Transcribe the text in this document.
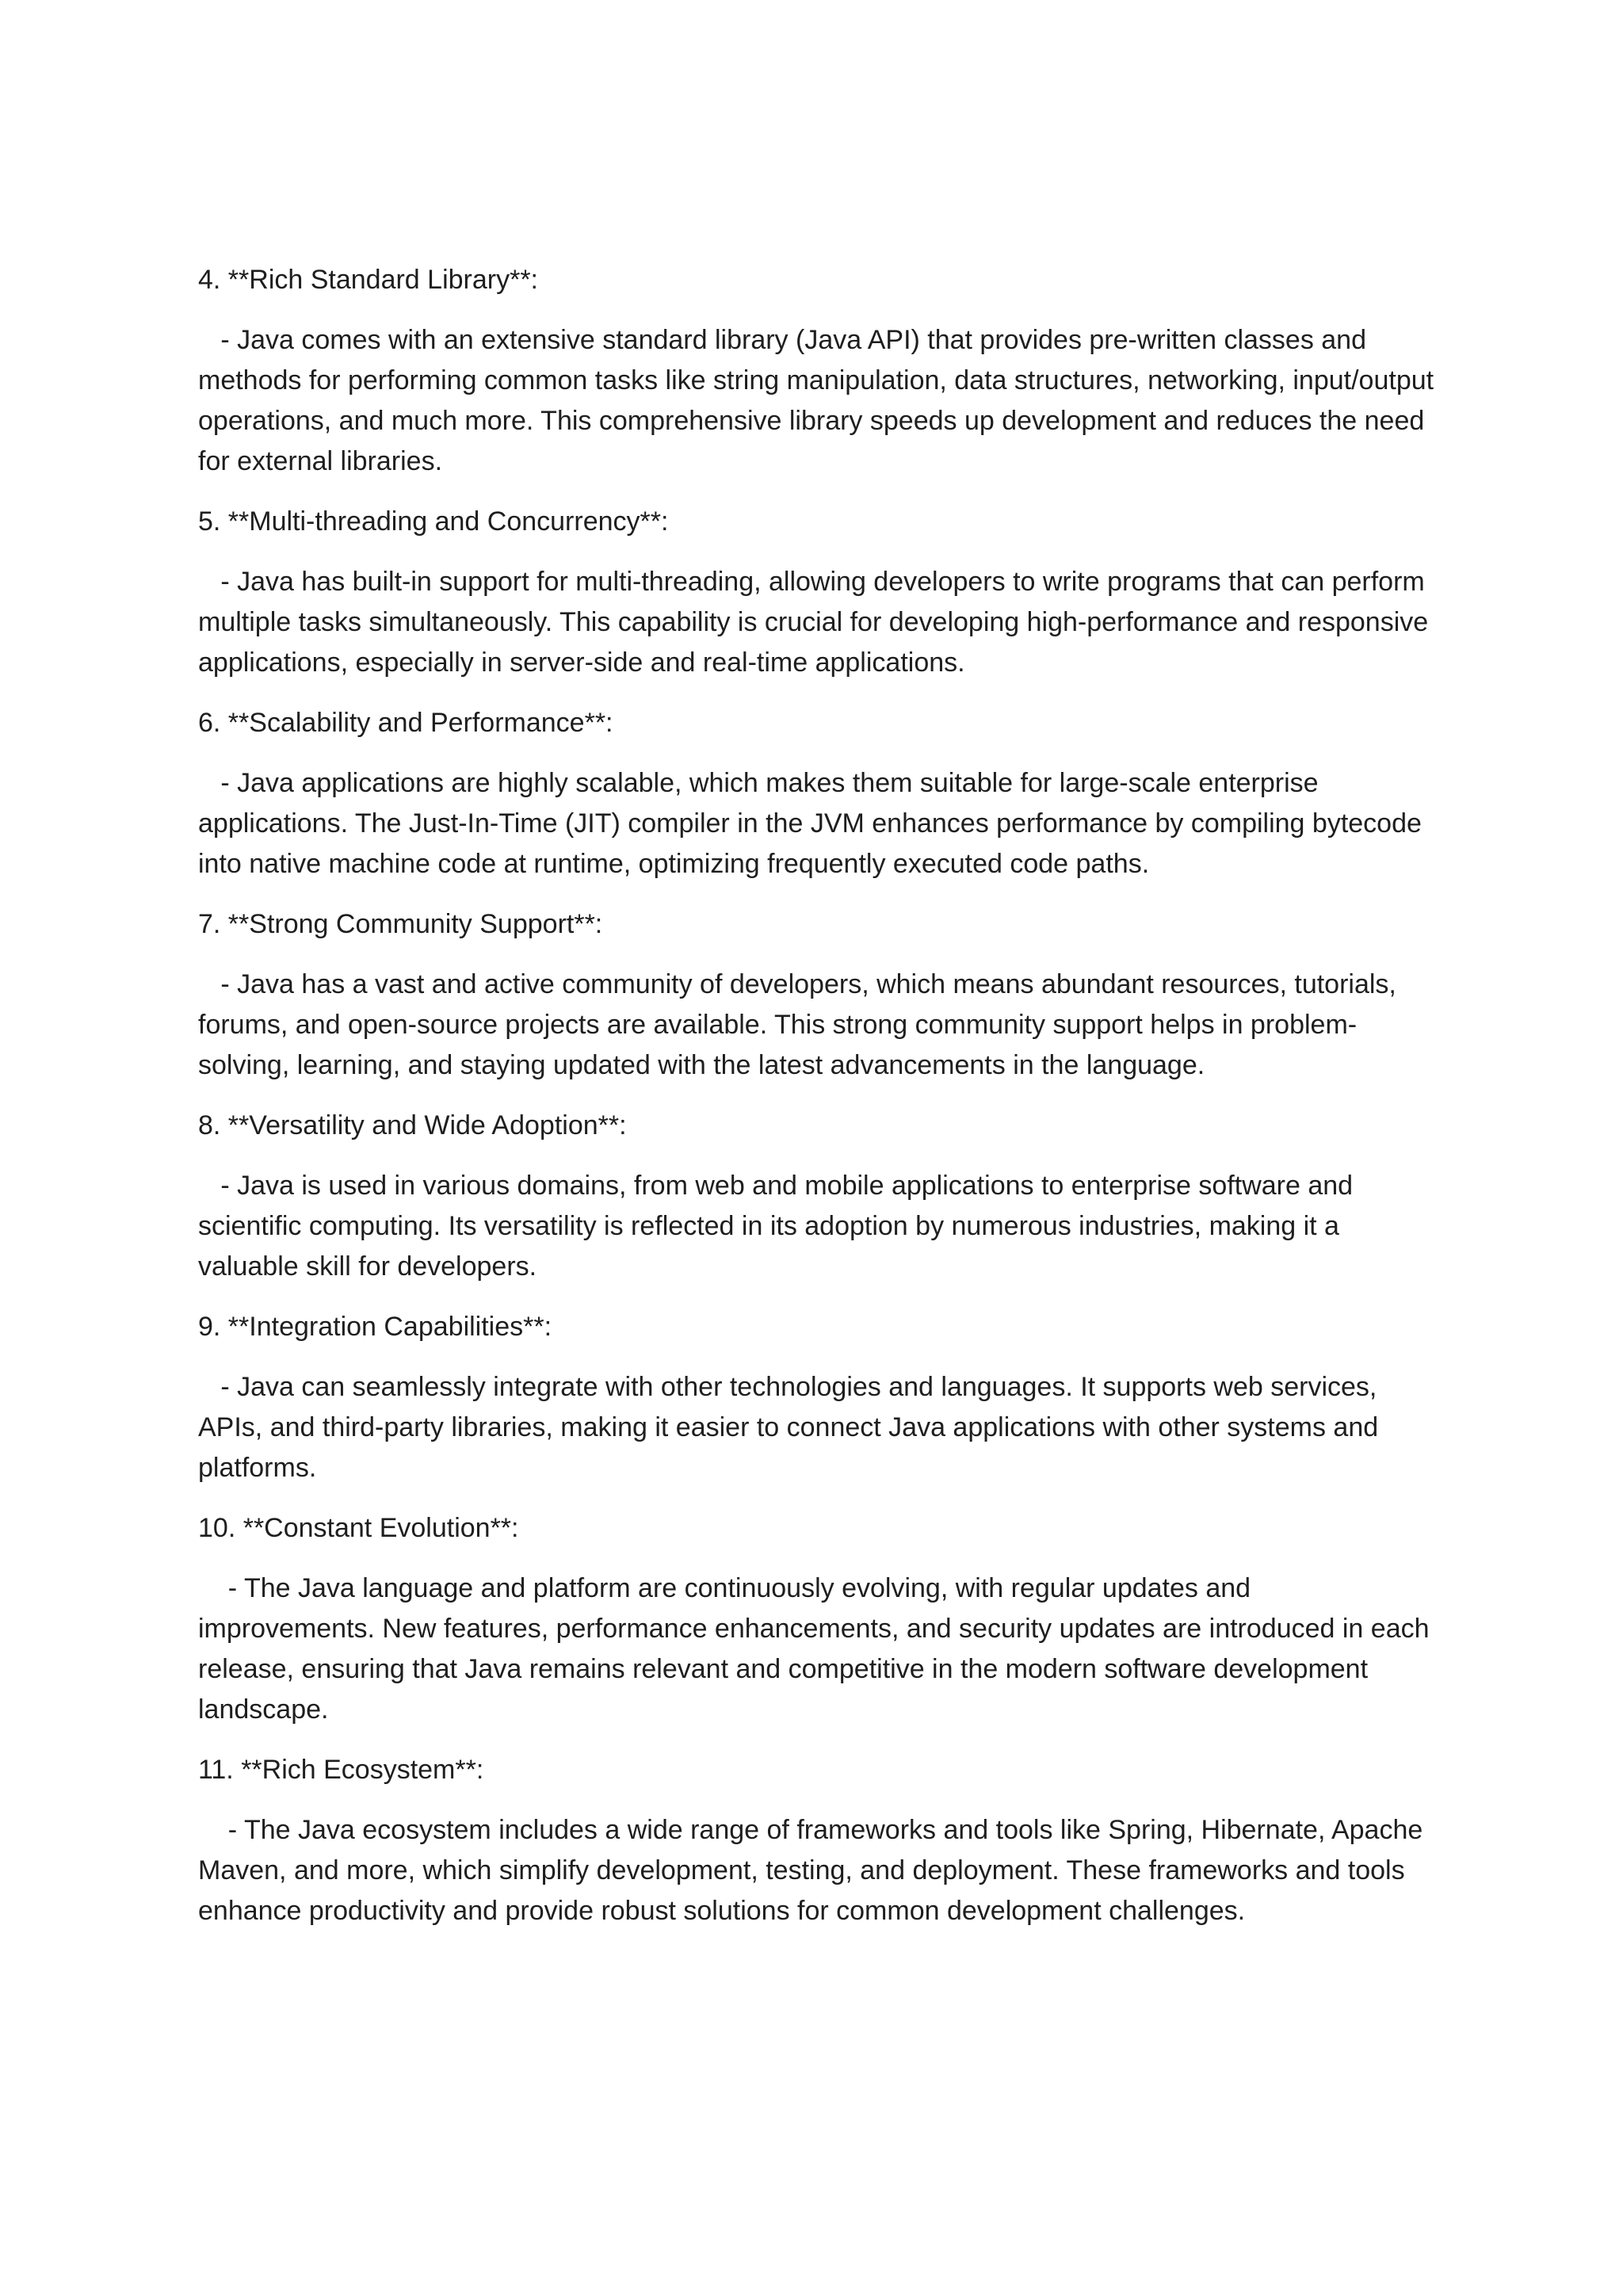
4. **Rich Standard Library**:

- Java comes with an extensive standard library (Java API) that provides pre-written classes and methods for performing common tasks like string manipulation, data structures, networking, input/output operations, and much more. This comprehensive library speeds up development and reduces the need for external libraries.

5. **Multi-threading and Concurrency**:

- Java has built-in support for multi-threading, allowing developers to write programs that can perform multiple tasks simultaneously. This capability is crucial for developing high-performance and responsive applications, especially in server-side and real-time applications.

6. **Scalability and Performance**:

- Java applications are highly scalable, which makes them suitable for large-scale enterprise applications. The Just-In-Time (JIT) compiler in the JVM enhances performance by compiling bytecode into native machine code at runtime, optimizing frequently executed code paths.

7. **Strong Community Support**:

- Java has a vast and active community of developers, which means abundant resources, tutorials, forums, and open-source projects are available. This strong community support helps in problem-solving, learning, and staying updated with the latest advancements in the language.

8. **Versatility and Wide Adoption**:

- Java is used in various domains, from web and mobile applications to enterprise software and scientific computing. Its versatility is reflected in its adoption by numerous industries, making it a valuable skill for developers.

9. **Integration Capabilities**:

- Java can seamlessly integrate with other technologies and languages. It supports web services, APIs, and third-party libraries, making it easier to connect Java applications with other systems and platforms.

10. **Constant Evolution**:

- The Java language and platform are continuously evolving, with regular updates and improvements. New features, performance enhancements, and security updates are introduced in each release, ensuring that Java remains relevant and competitive in the modern software development landscape.

11. **Rich Ecosystem**:

- The Java ecosystem includes a wide range of frameworks and tools like Spring, Hibernate, Apache Maven, and more, which simplify development, testing, and deployment. These frameworks and tools enhance productivity and provide robust solutions for common development challenges.
